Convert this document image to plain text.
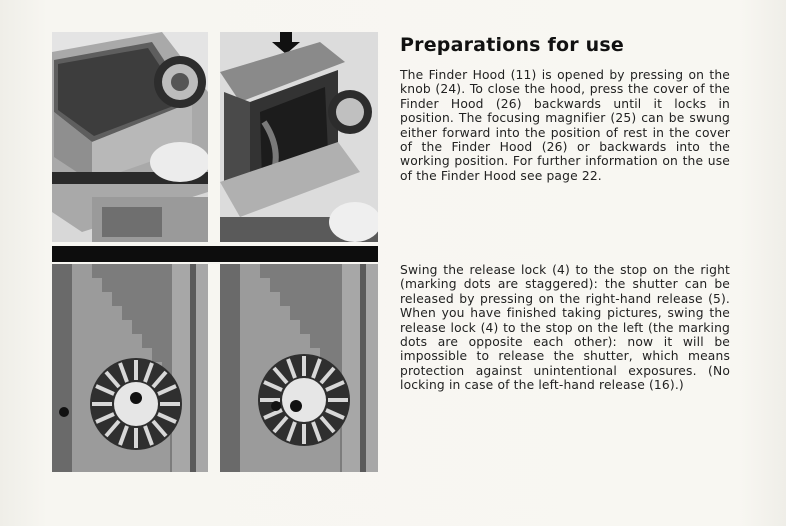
Preparations for use

The Finder Hood (11) is opened by pressing on the knob (24). To close the hood, press the cover of the Finder Hood (26) backwards until it locks in position. The focusing magnifier (25) can be swung either forward into the position of rest in the cover of the Finder Hood (26) or backwards into the working position. For further information on the use of the Finder Hood see page 22.

Swing the release lock (4) to the stop on the right (marking dots are staggered): the shutter can be released by pressing on the right-hand release (5). When you have finished taking pictures, swing the release lock (4) to the stop on the left (the marking dots are opposite each other): now it will be impossible to release the shutter, which means protection against unintentional exposures. (No locking in case of the left-hand release (16).)
